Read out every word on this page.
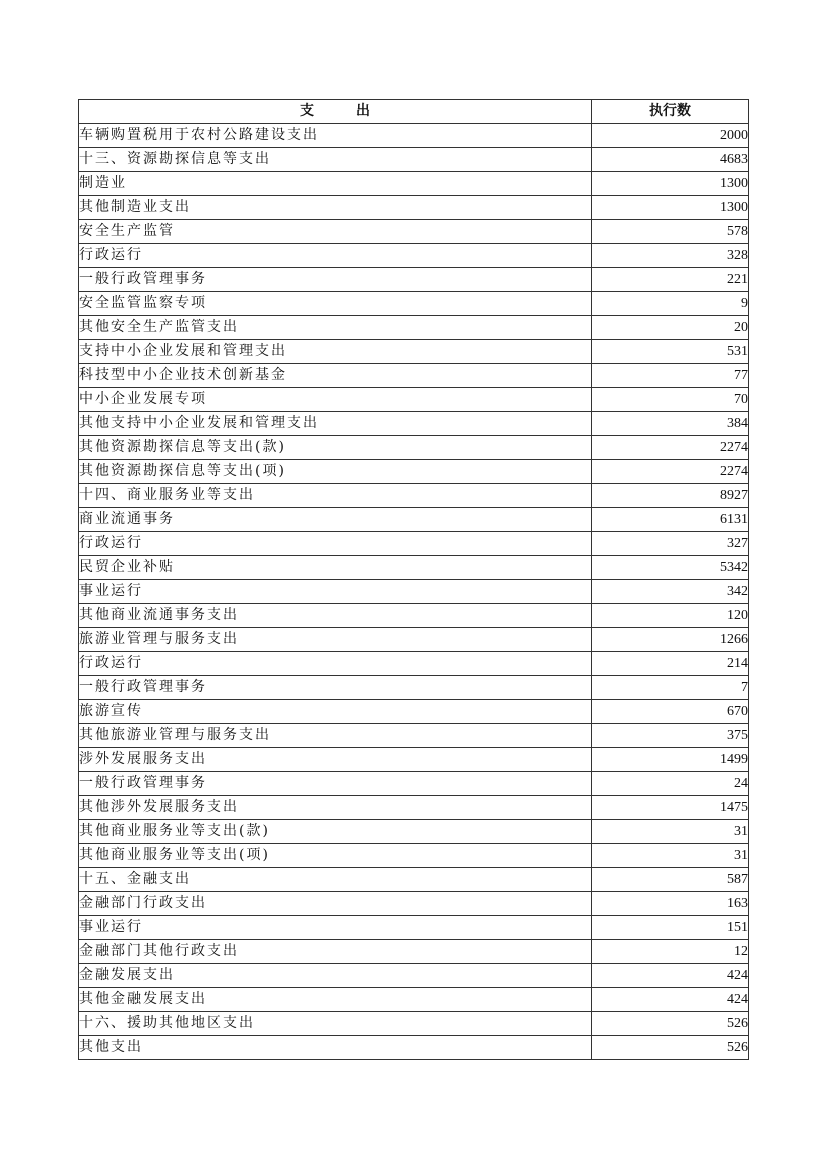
支　　　出	执行数
车辆购置税用于农村公路建设支出	2000
十三、资源勘探信息等支出	4683
制造业	1300
其他制造业支出	1300
安全生产监管	578
行政运行	328
一般行政管理事务	221
安全监管监察专项	9
其他安全生产监管支出	20
支持中小企业发展和管理支出	531
科技型中小企业技术创新基金	77
中小企业发展专项	70
其他支持中小企业发展和管理支出	384
其他资源勘探信息等支出(款)	2274
其他资源勘探信息等支出(项)	2274
十四、商业服务业等支出	8927
商业流通事务	6131
行政运行	327
民贸企业补贴	5342
事业运行	342
其他商业流通事务支出	120
旅游业管理与服务支出	1266
行政运行	214
一般行政管理事务	7
旅游宣传	670
其他旅游业管理与服务支出	375
涉外发展服务支出	1499
一般行政管理事务	24
其他涉外发展服务支出	1475
其他商业服务业等支出(款)	31
其他商业服务业等支出(项)	31
十五、金融支出	587
金融部门行政支出	163
事业运行	151
金融部门其他行政支出	12
金融发展支出	424
其他金融发展支出	424
十六、援助其他地区支出	526
其他支出	526
